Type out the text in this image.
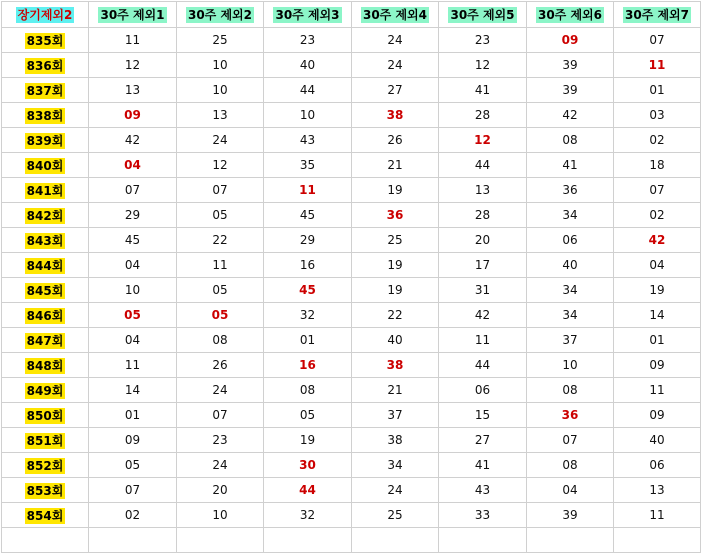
장기제외2	30주 제외1	30주 제외2	30주 제외3	30주 제외4	30주 제외5	30주 제외6	30주 제외7
835회	11	25	23	24	23	09	07
836회	12	10	40	24	12	39	11
837회	13	10	44	27	41	39	01
838회	09	13	10	38	28	42	03
839회	42	24	43	26	12	08	02
840회	04	12	35	21	44	41	18
841회	07	07	11	19	13	36	07
842회	29	05	45	36	28	34	02
843회	45	22	29	25	20	06	42
844회	04	11	16	19	17	40	04
845회	10	05	45	19	31	34	19
846회	05	05	32	22	42	34	14
847회	04	08	01	40	11	37	01
848회	11	26	16	38	44	10	09
849회	14	24	08	21	06	08	11
850회	01	07	05	37	15	36	09
851회	09	23	19	38	27	07	40
852회	05	24	30	34	41	08	06
853회	07	20	44	24	43	04	13
854회	02	10	32	25	33	39	11
